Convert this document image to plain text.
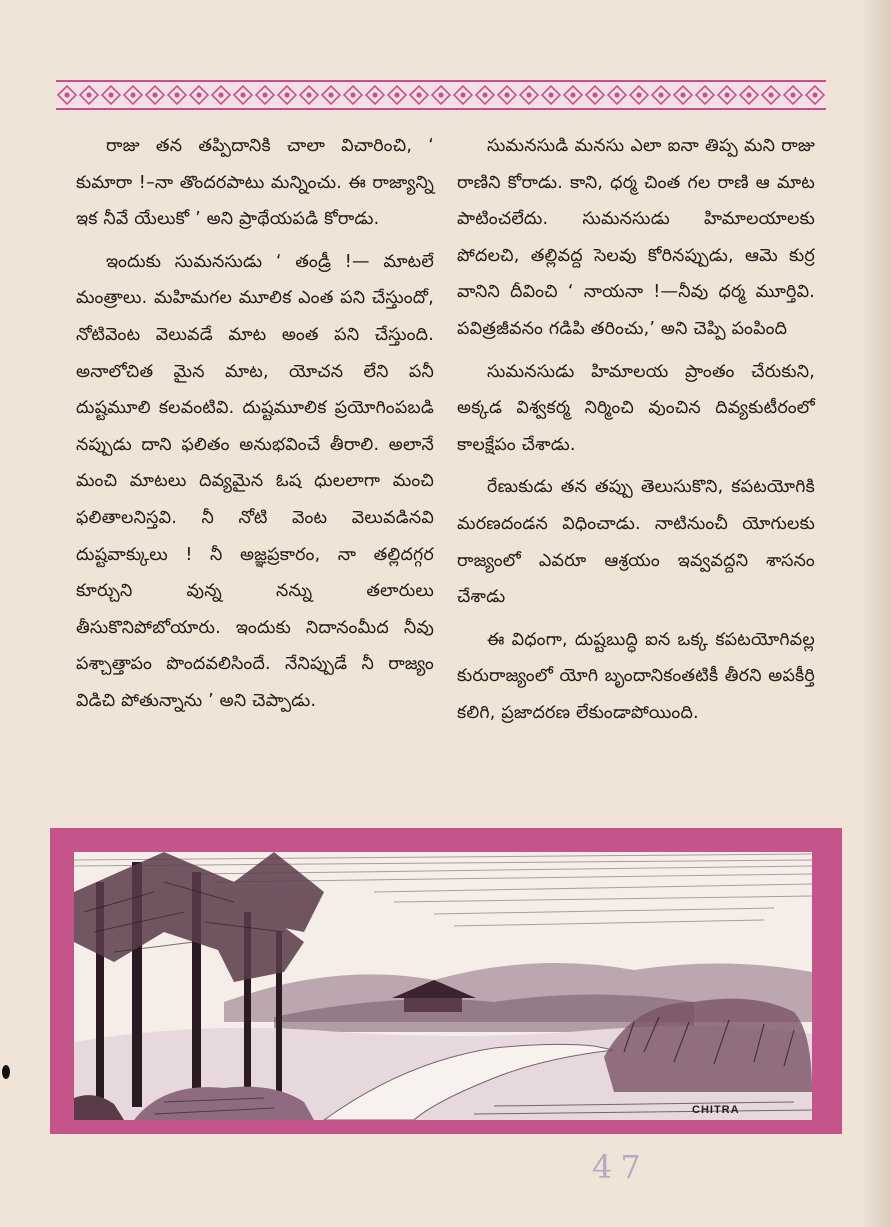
రాజు తన తప్పిదానికి చాలా విచారించి, ‘ కుమారా !–నా తొందరపాటు మన్నించు. ఈ రాజ్యాన్ని ఇక నీవే యేలుకో ’ అని ప్రాథేయపడి కోరాడు.

ఇందుకు సుమనసుడు ‘ తండ్రీ !— మాటలే మంత్రాలు. మహిమగల మూలిక ఎంత పని చేస్తుందో, నోటివెంట వెలువడే మాట అంత పని చేస్తుంది. అనాలోచిత మైన మాట, యోచన లేని పనీ దుష్టమూలి కలవంటివి. దుష్టమూలిక ప్రయోగింపబడి నప్పుడు దాని ఫలితం అనుభవించే తీరాలి. అలానే మంచి మాటలు దివ్యమైన ఓష ధులలాగా మంచి ఫలితాలనిస్తవి. నీ నోటి వెంట వెలువడినవి దుష్టవాక్కులు ! నీ అజ్ఞప్రకారం, నా తల్లిదగ్గర కూర్చుని వున్న నన్ను తలారులు తీసుకొనిపోబోయారు. ఇందుకు నిదానంమీద నీవు పశ్చాత్తాపం పొందవలిసిందే. నేనిప్పుడే నీ రాజ్యం విడిచి పోతున్నాను ’ అని చెప్పాడు.

సుమనసుడి మనసు ఎలా ఐనా తిప్ప మని రాజు రాణిని కోరాడు. కాని, ధర్మ చింత గల రాణి ఆ మాట పాటించలేదు. సుమనసుడు హిమాలయాలకు పోదలచి, తల్లివద్ద సెలవు కోరినప్పుడు, ఆమె కుర్ర వానిని దీవించి ‘ నాయనా !—నీవు ధర్మ మూర్తివి. పవిత్రజీవనం గడిపి తరించు,’ అని చెప్పి పంపింది

సుమనసుడు హిమాలయ ప్రాంతం చేరుకుని, అక్కడ విశ్వకర్మ నిర్మించి వుంచిన దివ్యకుటీరంలో కాలక్షేపం చేశాడు.

రేణుకుడు తన తప్పు తెలుసుకొని, కపటయోగికి మరణదండన విధించాడు. నాటినుంచీ యోగులకు రాజ్యంలో ఎవరూ ఆశ్రయం ఇవ్వవద్దని శాసనం చేశాడు

ఈ విధంగా, దుష్టబుద్ధి ఐన ఒక్క కపటయోగివల్ల కురురాజ్యంలో యోగి బృందానికంతటికీ తీరని అపకీర్తి కలిగి, ప్రజాదరణ లేకుండాపోయింది.

CHITRA
47
